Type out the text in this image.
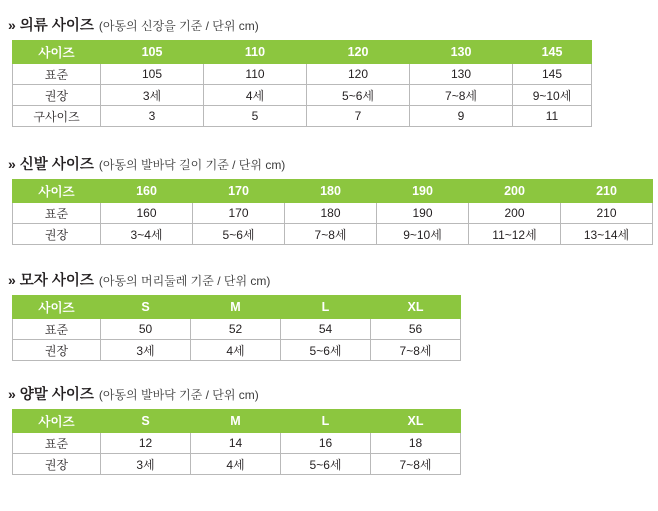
» 의류 사이즈 (아동의 신장을 기준 / 단위 cm)
사이즈	105	110	120	130	145
표준	105	110	120	130	145
권장	3세	4세	5~6세	7~8세	9~10세
구사이즈	3	5	7	9	11
» 신발 사이즈 (아동의 발바닥 길이 기준 / 단위 cm)
사이즈	160	170	180	190	200	210
표준	160	170	180	190	200	210
권장	3~4세	5~6세	7~8세	9~10세	11~12세	13~14세
» 모자 사이즈 (아동의 머리둘레 기준 / 단위 cm)
사이즈	S	M	L	XL
표준	50	52	54	56
권장	3세	4세	5~6세	7~8세
» 양말 사이즈 (아동의 발바닥 기준 / 단위 cm)
사이즈	S	M	L	XL
표준	12	14	16	18
권장	3세	4세	5~6세	7~8세
